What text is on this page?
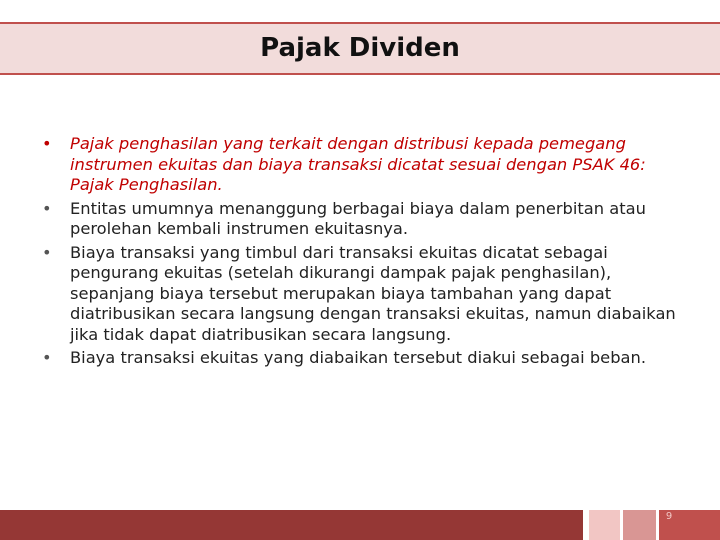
Pajak Dividen
• Pajak penghasilan yang terkait dengan distribusi kepada pemegang instrumen ekuitas dan biaya transaksi dicatat sesuai dengan PSAK 46: Pajak Penghasilan.
• Entitas umumnya menanggung berbagai biaya dalam penerbitan atau perolehan kembali instrumen ekuitasnya.
• Biaya transaksi yang timbul dari transaksi ekuitas dicatat sebagai pengurang ekuitas (setelah dikurangi dampak pajak penghasilan), sepanjang biaya tersebut merupakan biaya tambahan yang dapat diatribusikan secara langsung dengan transaksi ekuitas, namun diabaikan jika tidak dapat diatribusikan secara langsung.
• Biaya transaksi ekuitas yang diabaikan tersebut diakui sebagai beban.
9
